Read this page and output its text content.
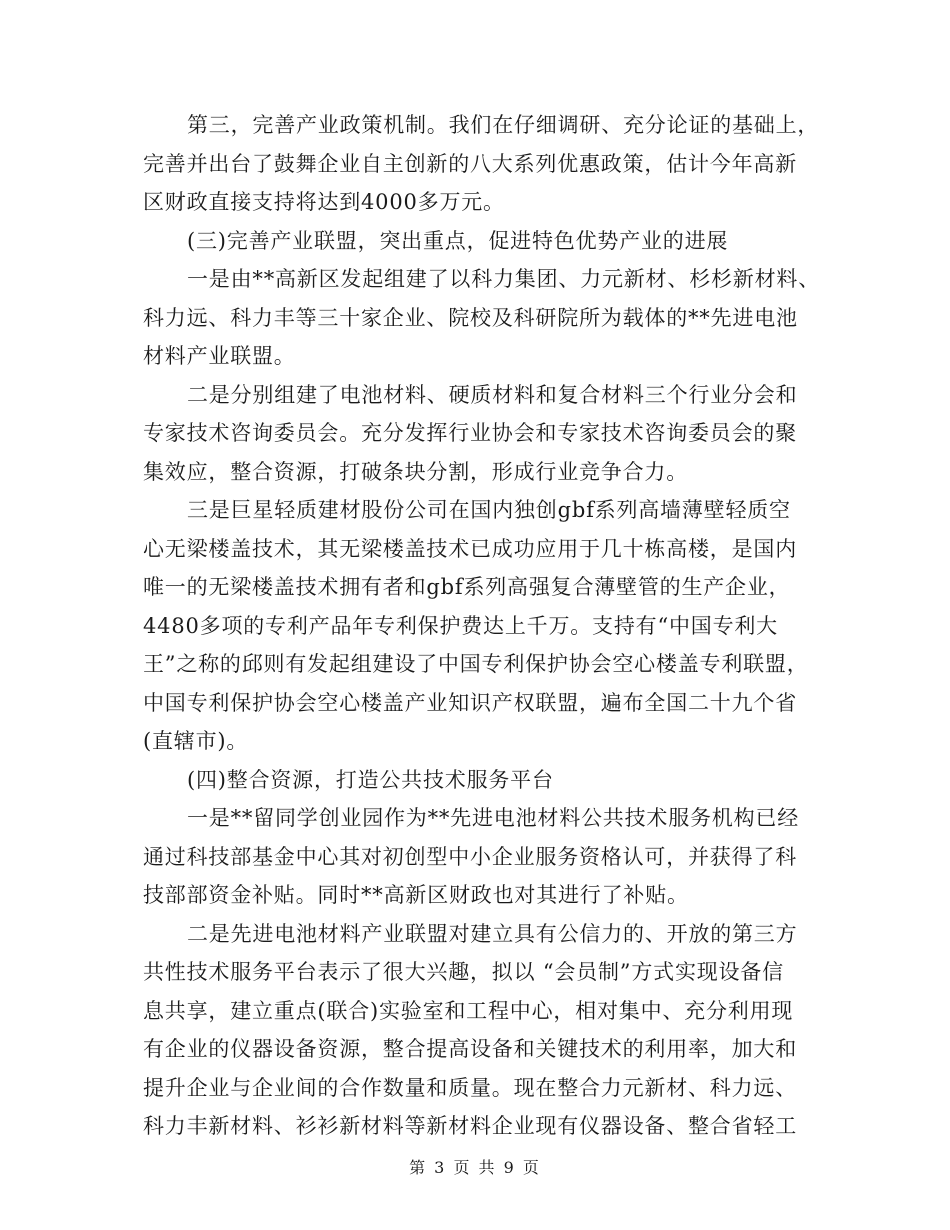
第三，完善产业政策机制。我们在仔细调研、充分论证的基础上，
完善并出台了鼓舞企业自主创新的八大系列优惠政策，估计今年高新
区财政直接支持将达到4000多万元。

(三)完善产业联盟，突出重点，促进特色优势产业的进展

一是由**高新区发起组建了以科力集团、力元新材、杉杉新材料、
科力远、科力丰等三十家企业、院校及科研院所为载体的**先进电池
材料产业联盟。

二是分别组建了电池材料、硬质材料和复合材料三个行业分会和
专家技术咨询委员会。充分发挥行业协会和专家技术咨询委员会的聚
集效应，整合资源，打破条块分割，形成行业竞争合力。

三是巨星轻质建材股份公司在国内独创gbf系列高墙薄壁轻质空
心无梁楼盖技术，其无梁楼盖技术已成功应用于几十栋高楼，是国内
唯一的无梁楼盖技术拥有者和gbf系列高强复合薄壁管的生产企业，
4480多项的专利产品年专利保护费达上千万。支持有“中国专利大
王”之称的邱则有发起组建设了中国专利保护协会空心楼盖专利联盟，
中国专利保护协会空心楼盖产业知识产权联盟，遍布全国二十九个省
(直辖市)。

(四)整合资源，打造公共技术服务平台

一是**留同学创业园作为**先进电池材料公共技术服务机构已经
通过科技部基金中心其对初创型中小企业服务资格认可，并获得了科
技部部资金补贴。同时**高新区财政也对其进行了补贴。

二是先进电池材料产业联盟对建立具有公信力的、开放的第三方
共性技术服务平台表示了很大兴趣，拟以 “会员制”方式实现设备信
息共享，建立重点(联合)实验室和工程中心，相对集中、充分利用现
有企业的仪器设备资源，整合提高设备和关键技术的利用率，加大和
提升企业与企业间的合作数量和质量。现在整合力元新材、科力远、
科力丰新材料、衫衫新材料等新材料企业现有仪器设备、整合省轻工

第 3 页 共 9 页
